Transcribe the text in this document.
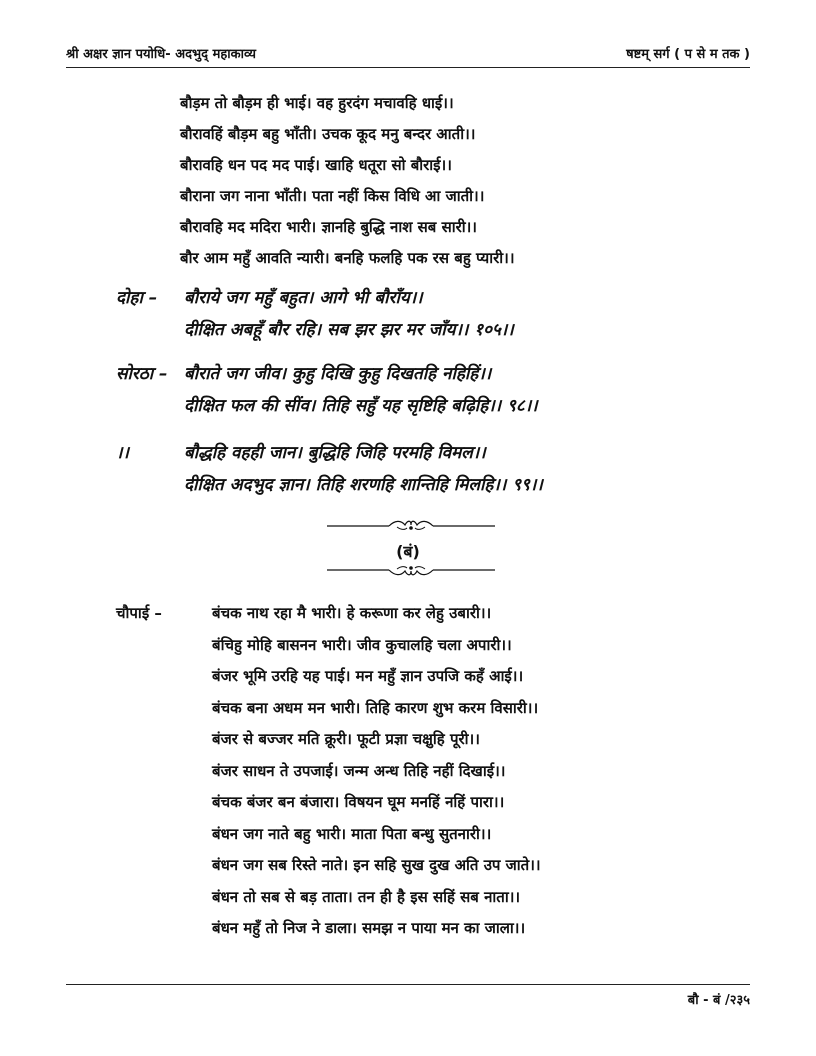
श्री अक्षर ज्ञान पयोधि- अदभुद् महाकाव्य	षष्टम् सर्ग ( प से म तक )
बौड़म तो बौड़म ही भाई। वह हुरदंग मचावहि धाई।।
बौरावहिं बौड़म बहु भाँती। उचक कूद मनु बन्दर आती।।
बौरावहि धन पद मद पाई। खाहि धतूरा सो बौराई।।
बौराना जग नाना भाँती। पता नहीं किस विधि आ जाती।।
बौरावहि मद मदिरा भारी। ज्ञानहि बुद्धि नाश सब सारी।।
बौर आम महुँ आवति न्यारी। बनहि फलहि पक रस बहु प्यारी।।
दोहा – बौराये जग महुँ बहुत। आगे भी बौराँय।।
दीक्षित अबहूँ बौर रहि। सब झर झर मर जाँय।। १०५।।
सोरठा – बौराते जग जीव। कुहु दिखि कुहु दिखतहि नहिहिं।।
दीक्षित फल की सींव। तिहि सहुँ यह सृष्टिहि बढ़िहि।। ९८।।
।।	बौद्धहि वहही जान। बुद्धिहि जिहि परमहि विमल।।
दीक्षित अदभुद ज्ञान। तिहि शरणहि शान्तिहि मिलहि।। ९९।।
(बं)
चौपाई –	बंचक नाथ रहा मै भारी। हे करूणा कर लेहु उबारी।।
बंचिहु मोहि बासनन भारी। जीव कुचालहि चला अपारी।।
बंजर भूमि उरहि यह पाई। मन महुँ ज्ञान उपजि कहँ आई।।
बंचक बना अधम मन भारी। तिहि कारण शुभ करम विसारी।।
बंजर से बज्जर मति क्रूरी। फूटी प्रज्ञा चक्षुहि पूरी।।
बंजर साधन ते उपजाई। जन्म अन्ध तिहि नहीं दिखाई।।
बंचक बंजर बन बंजारा। विषयन घूम मनहिं नहिं पारा।।
बंधन जग नाते बहु भारी। माता पिता बन्धु सुतनारी।।
बंधन जग सब रिस्ते नाते। इन सहि सुख दुख अति उप जाते।।
बंधन तो सब से बड़ ताता। तन ही है इस सहिं सब नाता।।
बंधन महुँ तो निज ने डाला। समझ न पाया मन का जाला।।
बौ - बं /२३५
